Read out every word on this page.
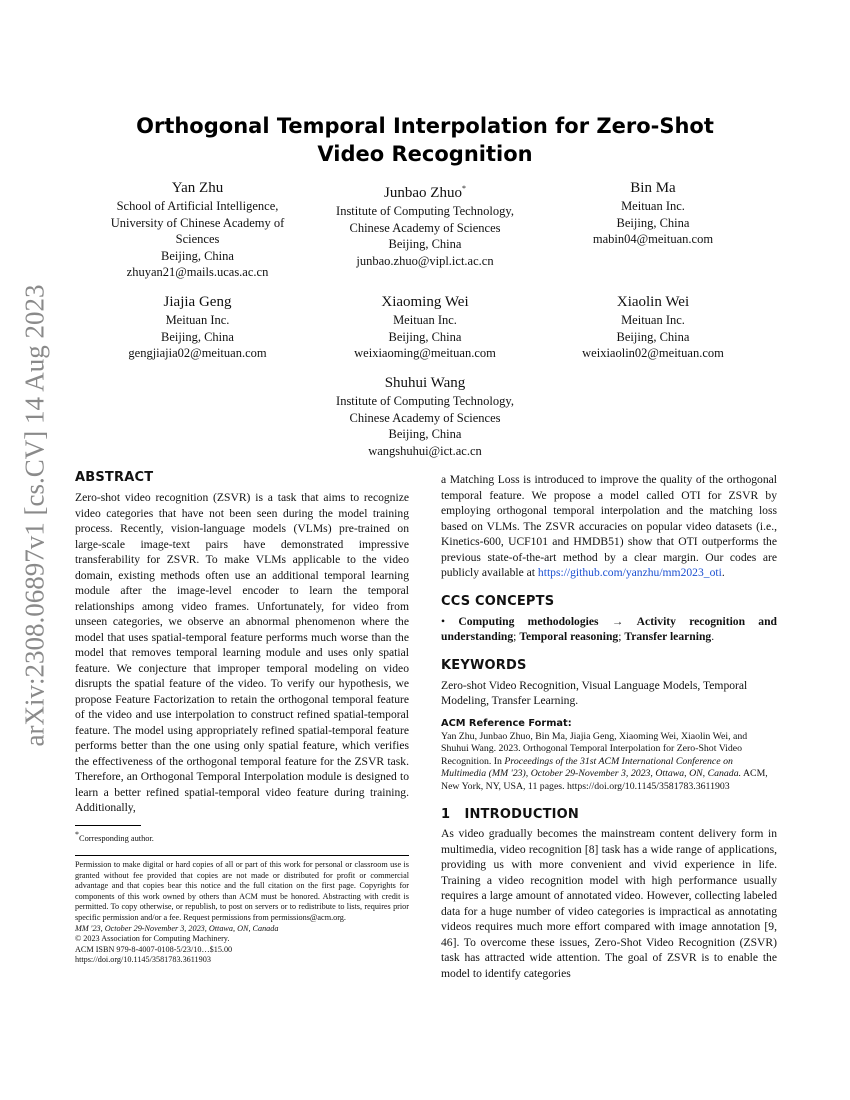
arXiv:2308.06897v1 [cs.CV] 14 Aug 2023
Orthogonal Temporal Interpolation for Zero-Shot Video Recognition
Yan Zhu
School of Artificial Intelligence,
University of Chinese Academy of
Sciences
Beijing, China
zhuyan21@mails.ucas.ac.cn
Junbao Zhuo*
Institute of Computing Technology,
Chinese Academy of Sciences
Beijing, China
junbao.zhuo@vipl.ict.ac.cn
Bin Ma
Meituan Inc.
Beijing, China
mabin04@meituan.com
Jiajia Geng
Meituan Inc.
Beijing, China
gengjiajia02@meituan.com
Xiaoming Wei
Meituan Inc.
Beijing, China
weixiaoming@meituan.com
Xiaolin Wei
Meituan Inc.
Beijing, China
weixiaolin02@meituan.com
Shuhui Wang
Institute of Computing Technology,
Chinese Academy of Sciences
Beijing, China
wangshuhui@ict.ac.cn
ABSTRACT
Zero-shot video recognition (ZSVR) is a task that aims to recognize video categories that have not been seen during the model training process. Recently, vision-language models (VLMs) pre-trained on large-scale image-text pairs have demonstrated impressive transferability for ZSVR. To make VLMs applicable to the video domain, existing methods often use an additional temporal learning module after the image-level encoder to learn the temporal relationships among video frames. Unfortunately, for video from unseen categories, we observe an abnormal phenomenon where the model that uses spatial-temporal feature performs much worse than the model that removes temporal learning module and uses only spatial feature. We conjecture that improper temporal modeling on video disrupts the spatial feature of the video. To verify our hypothesis, we propose Feature Factorization to retain the orthogonal temporal feature of the video and use interpolation to construct refined spatial-temporal feature. The model using appropriately refined spatial-temporal feature performs better than the one using only spatial feature, which verifies the effectiveness of the orthogonal temporal feature for the ZSVR task. Therefore, an Orthogonal Temporal Interpolation module is designed to learn a better refined spatial-temporal video feature during training. Additionally,
*Corresponding author.
Permission to make digital or hard copies of all or part of this work for personal or classroom use is granted without fee provided that copies are not made or distributed for profit or commercial advantage and that copies bear this notice and the full citation on the first page. Copyrights for components of this work owned by others than ACM must be honored. Abstracting with credit is permitted. To copy otherwise, or republish, to post on servers or to redistribute to lists, requires prior specific permission and/or a fee. Request permissions from permissions@acm.org.
MM '23, October 29-November 3, 2023, Ottawa, ON, Canada
© 2023 Association for Computing Machinery.
ACM ISBN 979-8-4007-0108-5/23/10…$15.00
https://doi.org/10.1145/3581783.3611903
a Matching Loss is introduced to improve the quality of the orthogonal temporal feature. We propose a model called OTI for ZSVR by employing orthogonal temporal interpolation and the matching loss based on VLMs. The ZSVR accuracies on popular video datasets (i.e., Kinetics-600, UCF101 and HMDB51) show that OTI outperforms the previous state-of-the-art method by a clear margin. Our codes are publicly available at https://github.com/yanzhu/mm2023_oti.
CCS CONCEPTS
• Computing methodologies → Activity recognition and understanding; Temporal reasoning; Transfer learning.
KEYWORDS
Zero-shot Video Recognition, Visual Language Models, Temporal Modeling, Transfer Learning.
ACM Reference Format:
Yan Zhu, Junbao Zhuo, Bin Ma, Jiajia Geng, Xiaoming Wei, Xiaolin Wei, and Shuhui Wang. 2023. Orthogonal Temporal Interpolation for Zero-Shot Video Recognition. In Proceedings of the 31st ACM International Conference on Multimedia (MM '23), October 29-November 3, 2023, Ottawa, ON, Canada. ACM, New York, NY, USA, 11 pages. https://doi.org/10.1145/3581783.3611903
1 INTRODUCTION
As video gradually becomes the mainstream content delivery form in multimedia, video recognition [8] task has a wide range of applications, providing us with more convenient and vivid experience in life. Training a video recognition model with high performance usually requires a large amount of annotated video. However, collecting labeled data for a huge number of video categories is impractical as annotating videos requires much more effort compared with image annotation [9, 46]. To overcome these issues, Zero-Shot Video Recognition (ZSVR) task has attracted wide attention. The goal of ZSVR is to enable the model to identify categories
